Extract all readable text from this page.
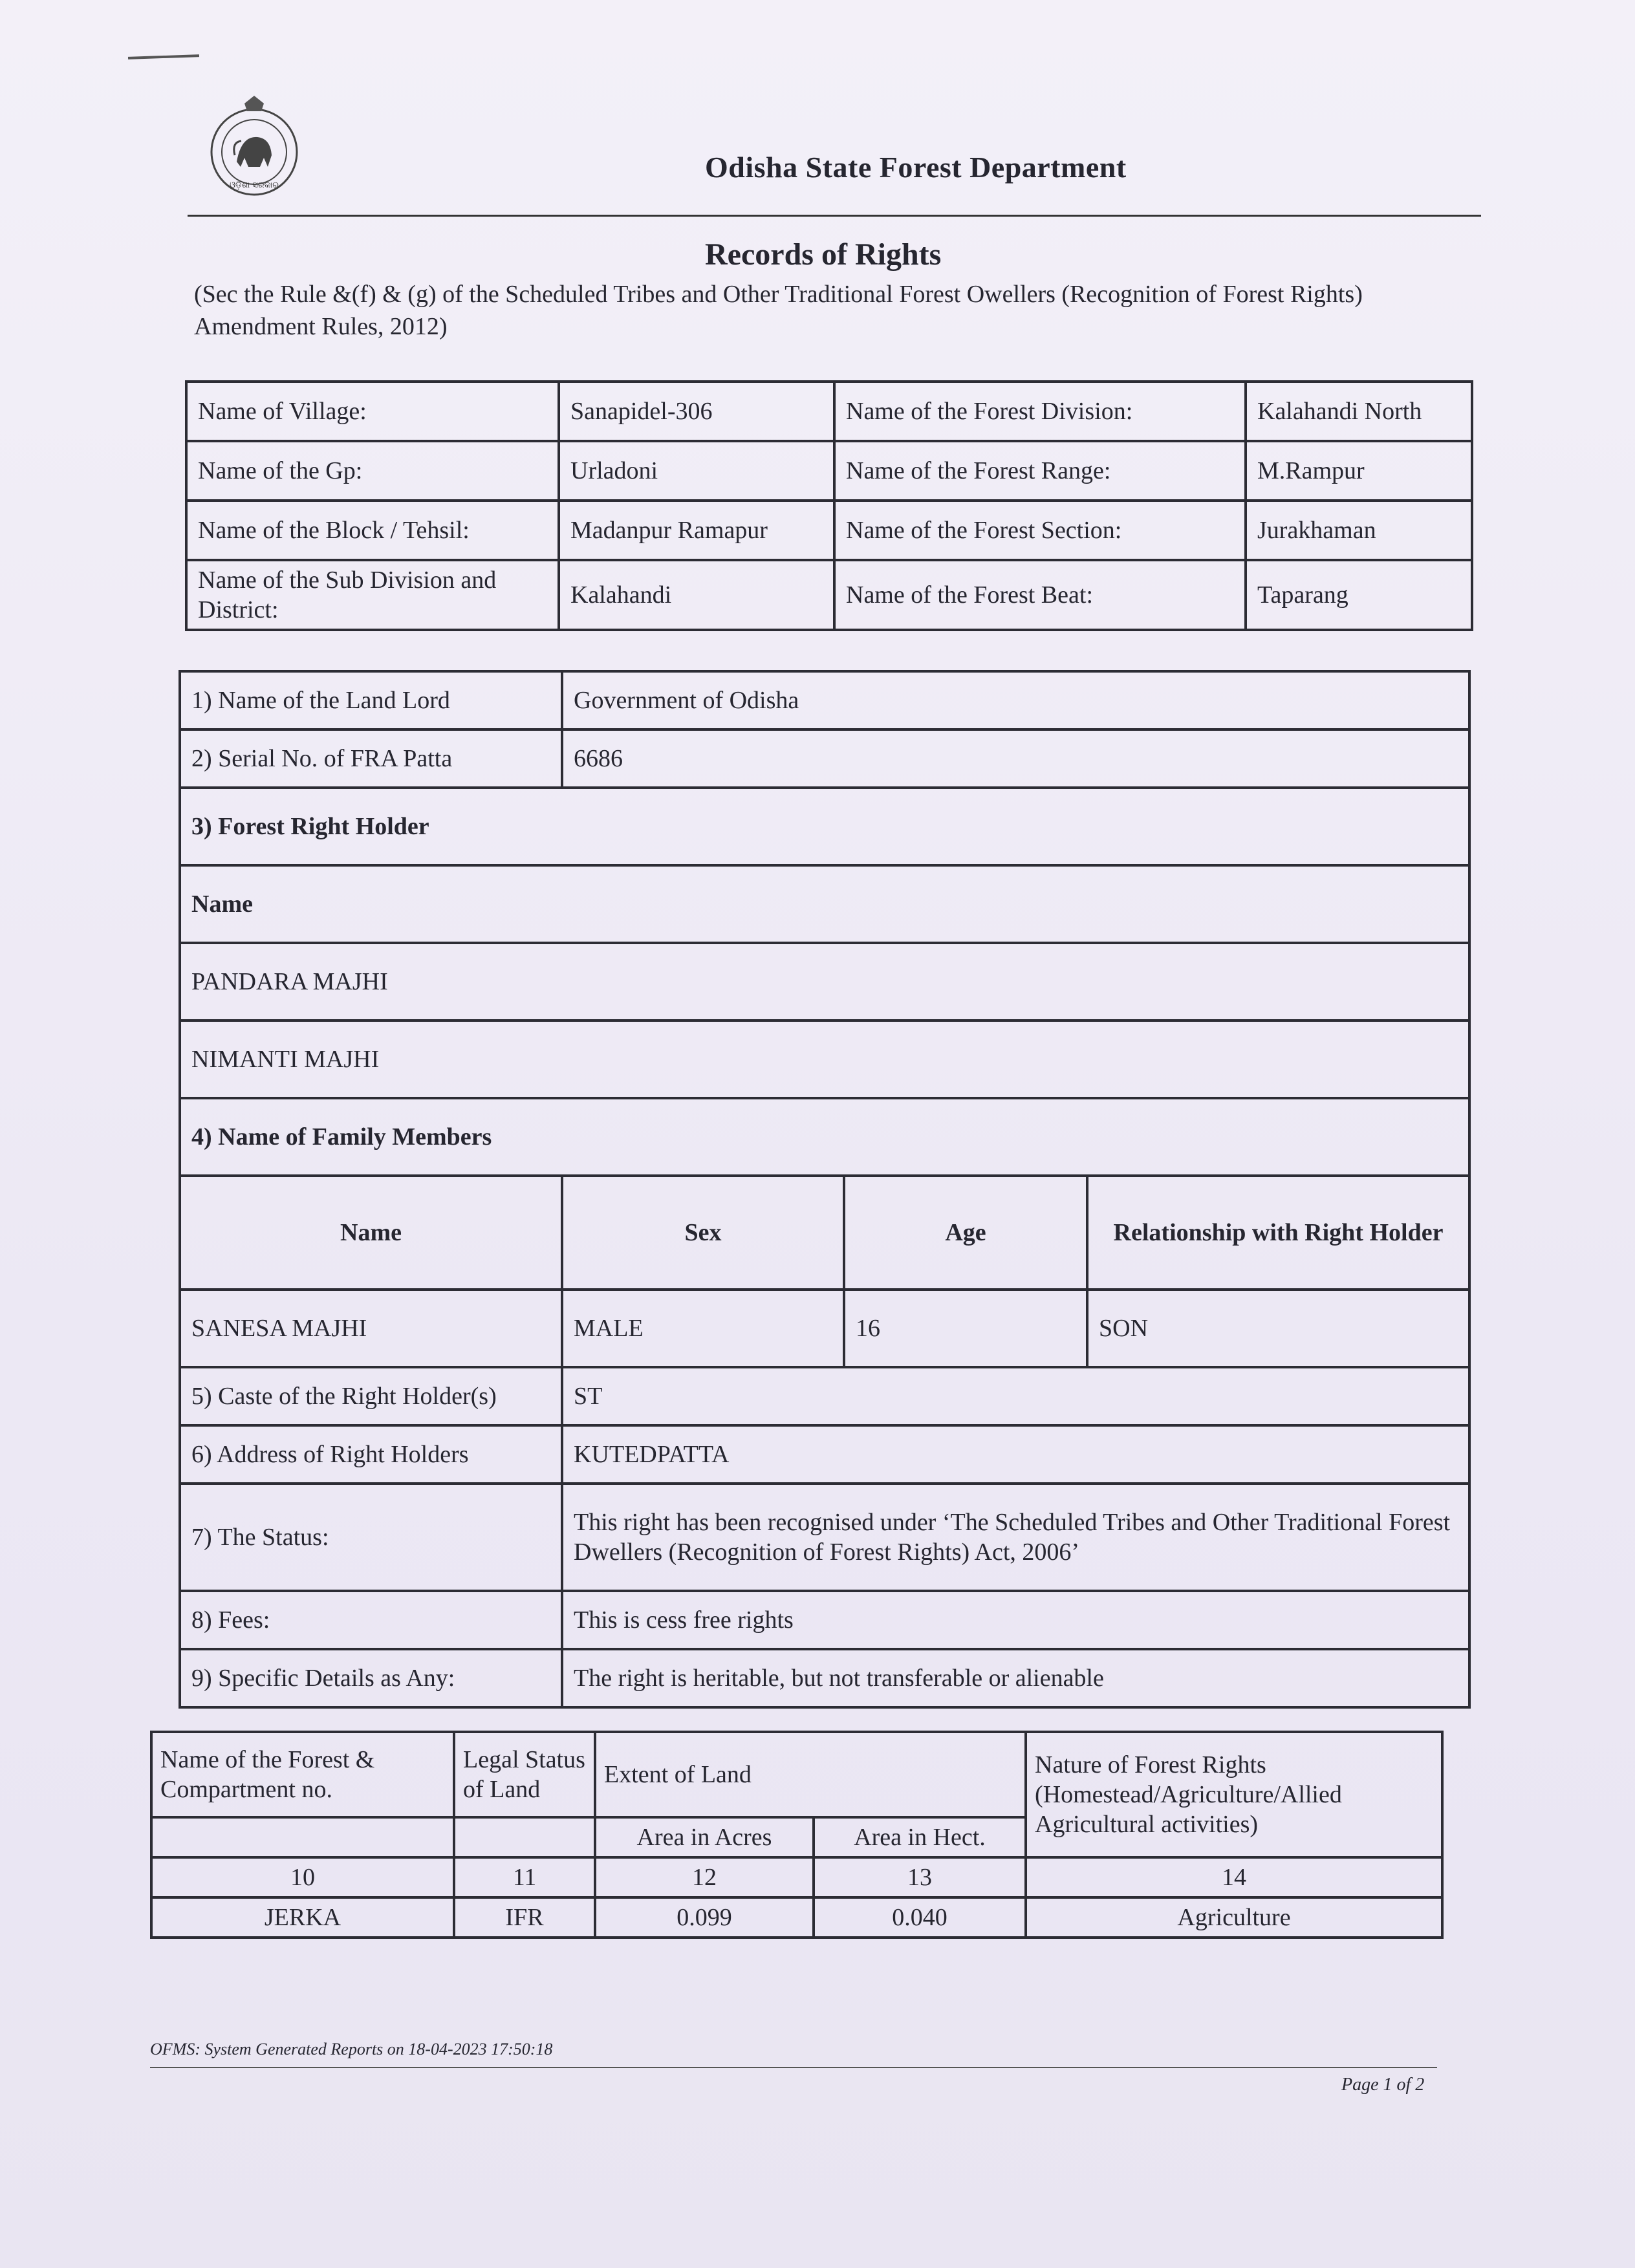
ଓଡ଼ିଶା ସରକାର
Odisha State Forest Department
Records of Rights
(Sec the Rule &(f) & (g) of the Scheduled Tribes and Other Traditional Forest Owellers (Recognition of Forest Rights) Amendment Rules, 2012)
Name of Village:	Sanapidel-306	Name of the Forest Division:	Kalahandi North
Name of the Gp:	Urladoni	Name of the Forest Range:	M.Rampur
Name of the Block / Tehsil:	Madanpur Ramapur	Name of the Forest Section:	Jurakhaman
Name of the Sub Division and District:	Kalahandi	Name of the Forest Beat:	Taparang
1) Name of the Land Lord	Government of Odisha		
2) Serial No. of FRA Patta	6686		
3) Forest Right Holder			
Name			
PANDARA MAJHI			
NIMANTI MAJHI			
4) Name of Family Members			
Name	Sex	Age	Relationship with Right Holder
SANESA MAJHI	MALE	16	SON
5) Caste of the Right Holder(s)	ST		
6) Address of Right Holders	KUTEDPATTA		
7) The Status:	This right has been recognised under ‘The Scheduled Tribes and Other Traditional Forest Dwellers (Recognition of Forest Rights) Act, 2006’		
8) Fees:	This is cess free rights		
9) Specific Details as Any:	The right is heritable, but not transferable or alienable		
Name of the Forest & Compartment no.	Legal Status of Land	Extent of Land		Nature of Forest Rights (Homestead/Agriculture/Allied Agricultural activities)
		Area in Acres	Area in Hect.	
10	11	12	13	14
JERKA	IFR	0.099	0.040	Agriculture
OFMS: System Generated Reports on 18-04-2023 17:50:18
Page 1 of 2
